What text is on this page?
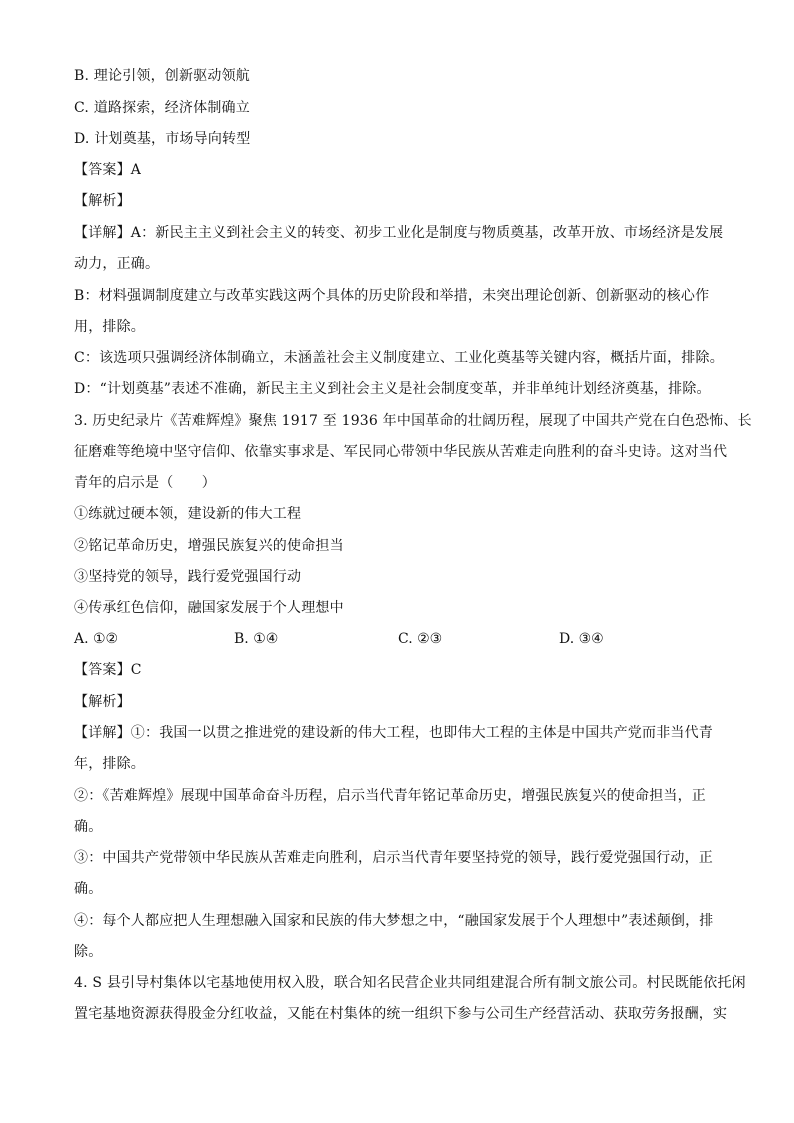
B. 理论引领，创新驱动领航
C. 道路探索，经济体制确立
D. 计划奠基，市场导向转型
【答案】A
【解析】
【详解】A：新民主主义到社会主义的转变、初步工业化是制度与物质奠基，改革开放、市场经济是发展
动力，正确。
B：材料强调制度建立与改革实践这两个具体的历史阶段和举措，未突出理论创新、创新驱动的核心作
用，排除。
C：该选项只强调经济体制确立，未涵盖社会主义制度建立、工业化奠基等关键内容，概括片面，排除。
D：“计划奠基”表述不准确，新民主主义到社会主义是社会制度变革，并非单纯计划经济奠基，排除。
3. 历史纪录片《苦难辉煌》聚焦 1917 至 1936 年中国革命的壮阔历程，展现了中国共产党在白色恐怖、长
征磨难等绝境中坚守信仰、依靠实事求是、军民同心带领中华民族从苦难走向胜利的奋斗史诗。这对当代
青年的启示是（　　）
①练就过硬本领，建设新的伟大工程
②铭记革命历史，增强民族复兴的使命担当
③坚持党的领导，践行爱党强国行动
④传承红色信仰，融国家发展于个人理想中
A. ①②	B. ①④	C. ②③	D. ③④
【答案】C
【解析】
【详解】①：我国一以贯之推进党的建设新的伟大工程，也即伟大工程的主体是中国共产党而非当代青
年，排除。
②：《苦难辉煌》展现中国革命奋斗历程，启示当代青年铭记革命历史，增强民族复兴的使命担当，正
确。
③：中国共产党带领中华民族从苦难走向胜利，启示当代青年要坚持党的领导，践行爱党强国行动，正
确。
④：每个人都应把人生理想融入国家和民族的伟大梦想之中，“融国家发展于个人理想中”表述颠倒，排
除。
4. S 县引导村集体以宅基地使用权入股，联合知名民营企业共同组建混合所有制文旅公司。村民既能依托闲
置宅基地资源获得股金分红收益，又能在村集体的统一组织下参与公司生产经营活动、获取劳务报酬，实
